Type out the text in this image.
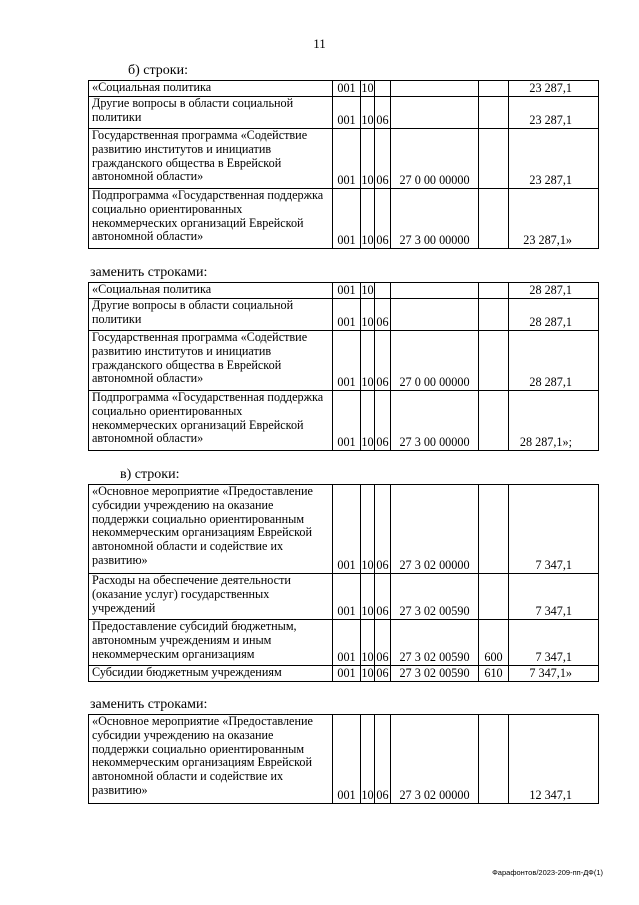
11
б) строки:
«Социальная политика	001	10				23 287,1
Другие вопросы в области социальной политики	001	10	06			23 287,1
Государственная программа «Содействие развитию институтов и инициатив гражданского общества в Еврейской автономной области»	001	10	06	27 0 00 00000		23 287,1
Подпрограмма «Государственная поддержка социально ориентированных некоммерческих организаций Еврейской автономной области»	001	10	06	27 3 00 00000		23 287,1»
заменить строками:
«Социальная политика	001	10				28 287,1
Другие вопросы в области социальной политики	001	10	06			28 287,1
Государственная программа «Содействие развитию институтов и инициатив гражданского общества в Еврейской автономной области»	001	10	06	27 0 00 00000		28 287,1
Подпрограмма «Государственная поддержка социально ориентированных некоммерческих организаций Еврейской автономной области»	001	10	06	27 3 00 00000		28 287,1»;
в) строки:
«Основное мероприятие «Предоставление субсидии учреждению на оказание поддержки социально ориентированным некоммерческим организациям Еврейской автономной области и содействие их развитию»	001	10	06	27 3 02 00000		7 347,1
Расходы на обеспечение деятельности (оказание услуг) государственных учреждений	001	10	06	27 3 02 00590		7 347,1
Предоставление субсидий бюджетным, автономным учреждениям и иным некоммерческим организациям	001	10	06	27 3 02 00590	600	7 347,1
Субсидии бюджетным учреждениям	001	10	06	27 3 02 00590	610	7 347,1»
заменить строками:
«Основное мероприятие «Предоставление субсидии учреждению на оказание поддержки социально ориентированным некоммерческим организациям Еврейской автономной области и содействие их развитию»	001	10	06	27 3 02 00000		12 347,1
Фарафонтов/2023-209-пп-ДФ(1)
